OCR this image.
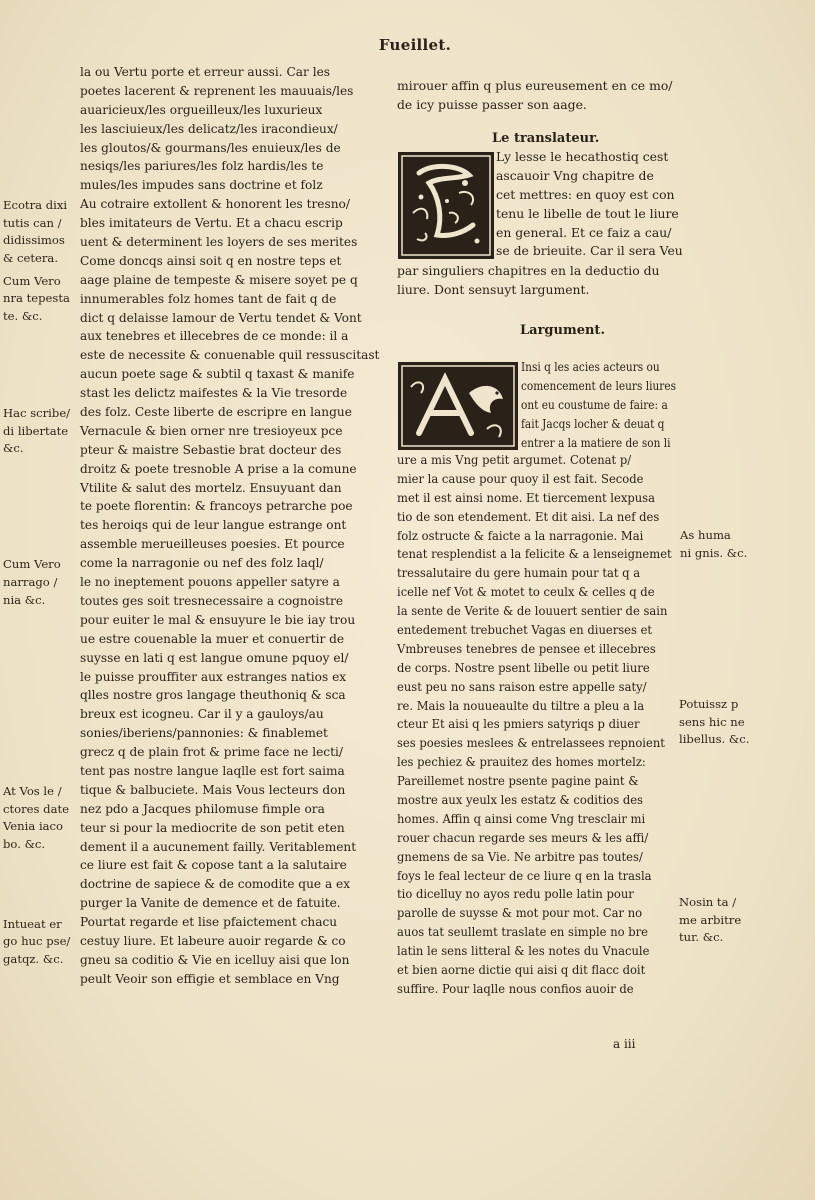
Fueillet.
la ou Vertu porte et erreur aussi. Car les
poetes lacerent & reprenent les mauuais/les
auaricieux/les orgueilleux/les luxurieux
les lasciuieux/les delicatz/les iracondieux/
les gloutos/& gourmans/les enuieux/les de
nesiqs/les pariures/les folz hardis/les te
mules/les impudes sans doctrine et folz
Au cotraire extollent & honorent les tresno/
bles imitateurs de Vertu. Et a chacu escrip
uent & determinent les loyers de ses merites
Come doncqs ainsi soit q en nostre teps et
aage plaine de tempeste & misere soyet pe q
innumerables folz homes tant de fait q de
dict q delaisse lamour de Vertu tendet & Vont
aux tenebres et illecebres de ce monde: il a
este de necessite & conuenable quil ressuscitast
aucun poete sage & subtil q taxast & manife
stast les delictz maifestes & la Vie tresorde
des folz. Ceste liberte de escripre en langue
Vernacule & bien orner nre tresioyeux pce
pteur & maistre Sebastie brat docteur des
droitz & poete tresnoble A prise a la comune
Vtilite & salut des mortelz. Ensuyuant dan
te poete florentin: & francoys petrarche poe
tes heroiqs qui de leur langue estrange ont
assemble merueilleuses poesies. Et pource
come la narragonie ou nef des folz laql/
le no ineptement pouons appeller satyre a
toutes ges soit tresnecessaire a cognoistre
pour euiter le mal & ensuyure le bie iay trou
ue estre couenable la muer et conuertir de
suysse en lati q est langue omune pquoy el/
le puisse prouffiter aux estranges natios ex
qlles nostre gros langage theuthoniq & sca
breux est icogneu. Car il y a gauloys/au
sonies/iberiens/pannonies: & finablemet
grecz q de plain frot & prime face ne lecti/
tent pas nostre langue laqlle est fort saima
tique & balbuciete. Mais Vous lecteurs don
nez pdo a Jacques philomuse fimple ora
teur si pour la mediocrite de son petit eten
dement il a aucunement failly. Veritablement
ce liure est fait & copose tant a la salutaire
doctrine de sapiece & de comodite que a ex
purger la Vanite de demence et de fatuite.
Pourtat regarde et lise pfaictement chacu
cestuy liure. Et labeure auoir regarde & co
gneu sa coditio & Vie en icelluy aisi que lon
peult Veoir son effigie et semblace en Vng
Ecotra dixi
tutis can /
didissimos
& cetera.
Cum Vero
nra tepesta
te. &c.
Hac scribe/
di libertate
&c.
Cum Vero
narrago /
nia &c.
At Vos le /
ctores date
Venia iaco
bo. &c.
Intueat er
go huc pse/
gatqz. &c.
mirouer affin q plus eureusement en ce mo/
de icy puisse passer son aage.
Le translateur.
Ly lesse le hecathostiq cest
ascauoir Vng chapitre de
cet mettres: en quoy est con
tenu le libelle de tout le liure
en general. Et ce faiz a cau/
se de brieuite. Car il sera Veu
par singuliers chapitres en la deductio du
liure. Dont sensuyt largument.
Largument.
Insi q les acies acteurs ou
comencement de leurs liures
ont eu coustume de faire: a
fait Jacqs locher & deuat q
entrer a la matiere de son li
ure a mis Vng petit argumet. Cotenat p/
mier la cause pour quoy il est fait. Secode
met il est ainsi nome. Et tiercement lexpusa
tio de son etendement. Et dit aisi. La nef des
folz ostructe & faicte a la narragonie. Mai
tenat resplendist a la felicite & a lenseignemet
tressalutaire du gere humain pour tat q a
icelle nef Vot & motet to ceulx & celles q de
la sente de Verite & de louuert sentier de sain
entedement trebuchet Vagas en diuerses et
Vmbreuses tenebres de pensee et illecebres
de corps. Nostre psent libelle ou petit liure
eust peu no sans raison estre appelle saty/
re. Mais la nouueaulte du tiltre a pleu a la
cteur Et aisi q les pmiers satyriqs p diuer
ses poesies meslees & entrelassees repnoient
les pechiez & prauitez des homes mortelz:
Pareillemet nostre psente pagine paint &
mostre aux yeulx les estatz & coditios des
homes. Affin q ainsi come Vng tresclair mi
rouer chacun regarde ses meurs & les affi/
gnemens de sa Vie. Ne arbitre pas toutes/
foys le feal lecteur de ce liure q en la trasla
tio dicelluy no ayos redu polle latin pour
parolle de suysse & mot pour mot. Car no
auos tat seullemt traslate en simple no bre
latin le sens litteral & les notes du Vnacule
et bien aorne dictie qui aisi q dit flacc doit
suffire. Pour laqlle nous confios auoir de
As huma
ni gnis. &c.
Potuissz p
sens hic ne
libellus. &c.
Nosin ta /
me arbitre
tur. &c.
a iii
